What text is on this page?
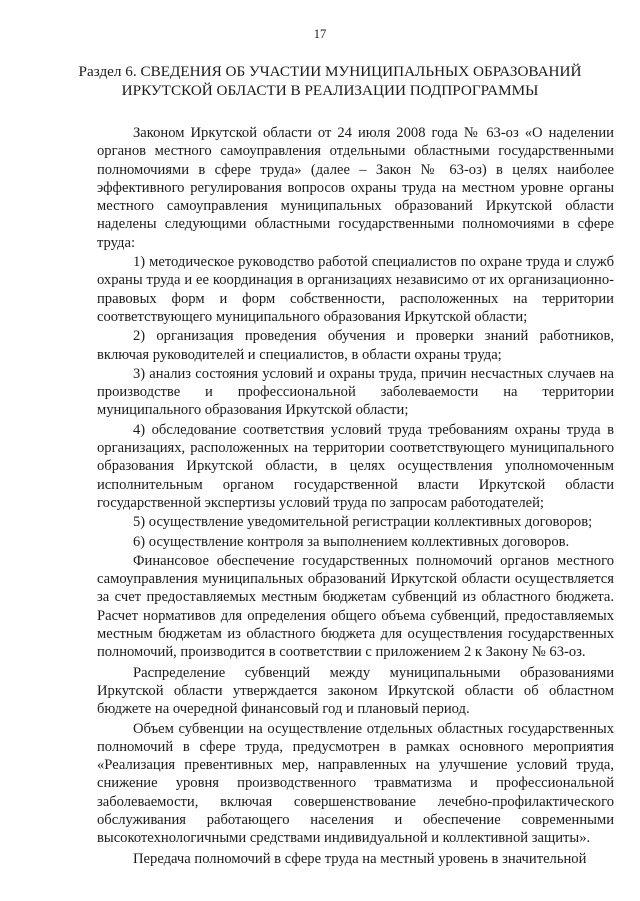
17
Раздел 6. СВЕДЕНИЯ ОБ УЧАСТИИ МУНИЦИПАЛЬНЫХ ОБРАЗОВАНИЙ
ИРКУТСКОЙ ОБЛАСТИ В РЕАЛИЗАЦИИ ПОДПРОГРАММЫ

Законом Иркутской области от 24 июля 2008 года № 63-оз «О наделении органов местного самоуправления отдельными областными государственными полномочиями в сфере труда» (далее – Закон № 63-оз) в целях наиболее эффективного регулирования вопросов охраны труда на местном уровне органы местного самоуправления муниципальных образований Иркутской области наделены следующими областными государственными полномочиями в сфере труда:

1) методическое руководство работой специалистов по охране труда и служб охраны труда и ее координация в организациях независимо от их организационно-правовых форм и форм собственности, расположенных на территории соответствующего муниципального образования Иркутской области;

2) организация проведения обучения и проверки знаний работников, включая руководителей и специалистов, в области охраны труда;

3) анализ состояния условий и охраны труда, причин несчастных случаев на производстве и профессиональной заболеваемости на территории муниципального образования Иркутской области;

4) обследование соответствия условий труда требованиям охраны труда в организациях, расположенных на территории соответствующего муниципального образования Иркутской области, в целях осуществления уполномоченным исполнительным органом государственной власти Иркутской области государственной экспертизы условий труда по запросам работодателей;

5) осуществление уведомительной регистрации коллективных договоров;

6) осуществление контроля за выполнением коллективных договоров.

Финансовое обеспечение государственных полномочий органов местного самоуправления муниципальных образований Иркутской области осуществляется за счет предоставляемых местным бюджетам субвенций из областного бюджета. Расчет нормативов для определения общего объема субвенций, предоставляемых местным бюджетам из областного бюджета для осуществления государственных полномочий, производится в соответствии с приложением 2 к Закону № 63-оз.

Распределение субвенций между муниципальными образованиями Иркутской области утверждается законом Иркутской области об областном бюджете на очередной финансовый год и плановый период.

Объем субвенции на осуществление отдельных областных государственных полномочий в сфере труда, предусмотрен в рамках основного мероприятия «Реализация превентивных мер, направленных на улучшение условий труда, снижение уровня производственного травматизма и профессиональной заболеваемости, включая совершенствование лечебно-профилактического обслуживания работающего населения и обеспечение современными высокотехнологичными средствами индивидуальной и коллективной защиты».

Передача полномочий в сфере труда на местный уровень в значительной
